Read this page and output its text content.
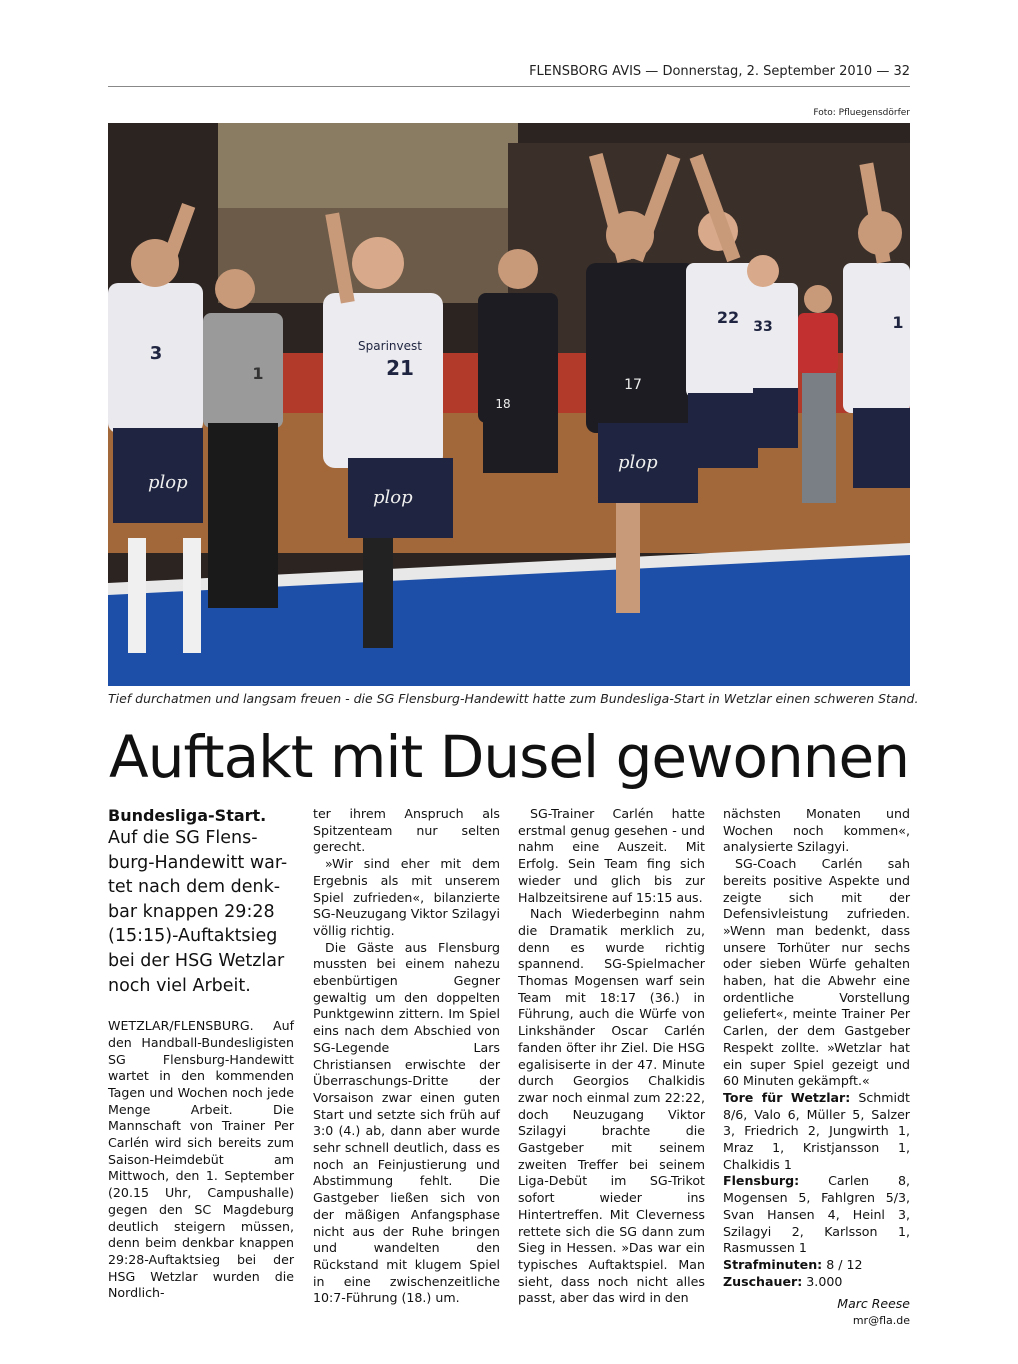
FLENSBORG AVIS — Donnerstag, 2. September 2010 — 32
Foto: Pfluegensdörfer
3
1	21
Sparinvest
18
17
22 33	1
plop
plop
plop
Tief durchatmen und langsam freuen - die SG Flensburg-Handewitt hatte zum Bundesliga-Start in Wetzlar einen schweren Stand.
Auftakt mit Dusel gewonnen
Bundesliga-Start.
Auf die SG Flens-
burg-Handewitt war-
tet nach dem denk-
bar knappen 29:28
(15:15)-Auftaktsieg
bei der HSG Wetzlar
noch viel Arbeit.

WETZLAR/FLENSBURG. Auf den Handball-Bundesligisten SG Flensburg-Handewitt wartet in den kommenden Tagen und Wochen noch jede Menge Arbeit. Die Mannschaft von Trainer Per Carlén wird sich bereits zum Saison-Heimdebüt am Mittwoch, den 1. September (20.15 Uhr, Campushalle) gegen den SC Magdeburg deutlich steigern müssen, denn beim denkbar knappen 29:28-Auftaktsieg bei der HSG Wetzlar wurden die Nordlich-

ter ihrem Anspruch als Spitzenteam nur selten gerecht.

»Wir sind eher mit dem Ergebnis als mit unserem Spiel zufrieden«, bilanzierte SG-Neuzugang Viktor Szilagyi völlig richtig.

Die Gäste aus Flensburg mussten bei einem nahezu ebenbürtigen Gegner gewaltig um den doppelten Punktgewinn zittern. Im Spiel eins nach dem Abschied von SG-Legende Lars Christiansen erwischte der Überraschungs-Dritte der Vorsaison zwar einen guten Start und setzte sich früh auf 3:0 (4.) ab, dann aber wurde sehr schnell deutlich, dass es noch an Feinjustierung und Abstimmung fehlt. Die Gastgeber ließen sich von der mäßigen Anfangsphase nicht aus der Ruhe bringen und wandelten den Rückstand mit klugem Spiel in eine zwischenzeitliche 10:7-Führung (18.) um.

SG-Trainer Carlén hatte erstmal genug gesehen - und nahm eine Auszeit. Mit Erfolg. Sein Team fing sich wieder und glich bis zur Halbzeitsirene auf 15:15 aus.

Nach Wiederbeginn nahm die Dramatik merklich zu, denn es wurde richtig spannend. SG-Spielmacher Thomas Mogensen warf sein Team mit 18:17 (36.) in Führung, auch die Würfe von Linkshänder Oscar Carlén fanden öfter ihr Ziel. Die HSG egalisiserte in der 47. Minute durch Georgios Chalkidis zwar noch einmal zum 22:22, doch Neuzugang Viktor Szilagyi brachte die Gastgeber mit seinem zweiten Treffer bei seinem Liga-Debüt im SG-Trikot sofort wieder ins Hintertreffen. Mit Cleverness rettete sich die SG dann zum Sieg in Hessen. »Das war ein typisches Auftaktspiel. Man sieht, dass noch nicht alles passt, aber das wird in den

nächsten Monaten und Wochen noch kommen«, analysierte Szilagyi.

SG-Coach Carlén sah bereits positive Aspekte und zeigte sich mit der Defensivleistung zufrieden. »Wenn man bedenkt, dass unsere Torhüter nur sechs oder sieben Würfe gehalten haben, hat die Abwehr eine ordentliche Vorstellung geliefert«, meinte Trainer Per Carlen, der dem Gastgeber Respekt zollte. »Wetzlar hat ein super Spiel gezeigt und 60 Minuten gekämpft.«

Tore für Wetzlar: Schmidt 8/6, Valo 6, Müller 5, Salzer 3, Friedrich 2, Jungwirth 1, Mraz 1, Kristjansson 1, Chalkidis 1

Flensburg: Carlen 8, Mogensen 5, Fahlgren 5/3, Svan Hansen 4, Heinl 3, Szilagyi 2, Karlsson 1, Rasmussen 1

Strafminuten: 8 / 12

Zuschauer: 3.000

Marc Reese
mr@fla.de
